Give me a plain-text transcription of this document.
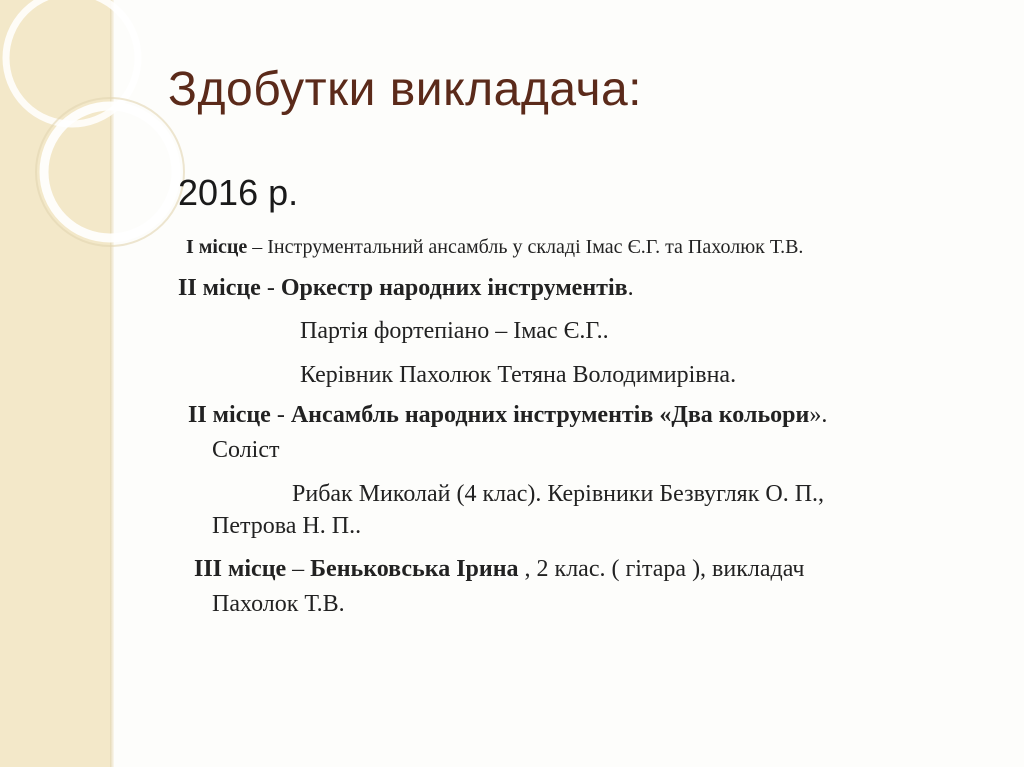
Здобутки викладача:
2016 р.
І місце – Інструментальний ансамбль у складі Імас Є.Г. та Пахолюк Т.В.
ІІ місце - Оркестр народних інструментів.
Партія фортепіано – Імас Є.Г..
Керівник Пахолюк Тетяна Володимирівна.
ІІ місце - Ансамбль народних інструментів «Два кольори».
Соліст
Рибак Миколай (4 клас). Керівники Безвугляк О. П.,
Петрова Н. П..
ІІІ місце – Беньковська Ірина , 2 клас. ( гітара ), викладач
Пахолок Т.В.
